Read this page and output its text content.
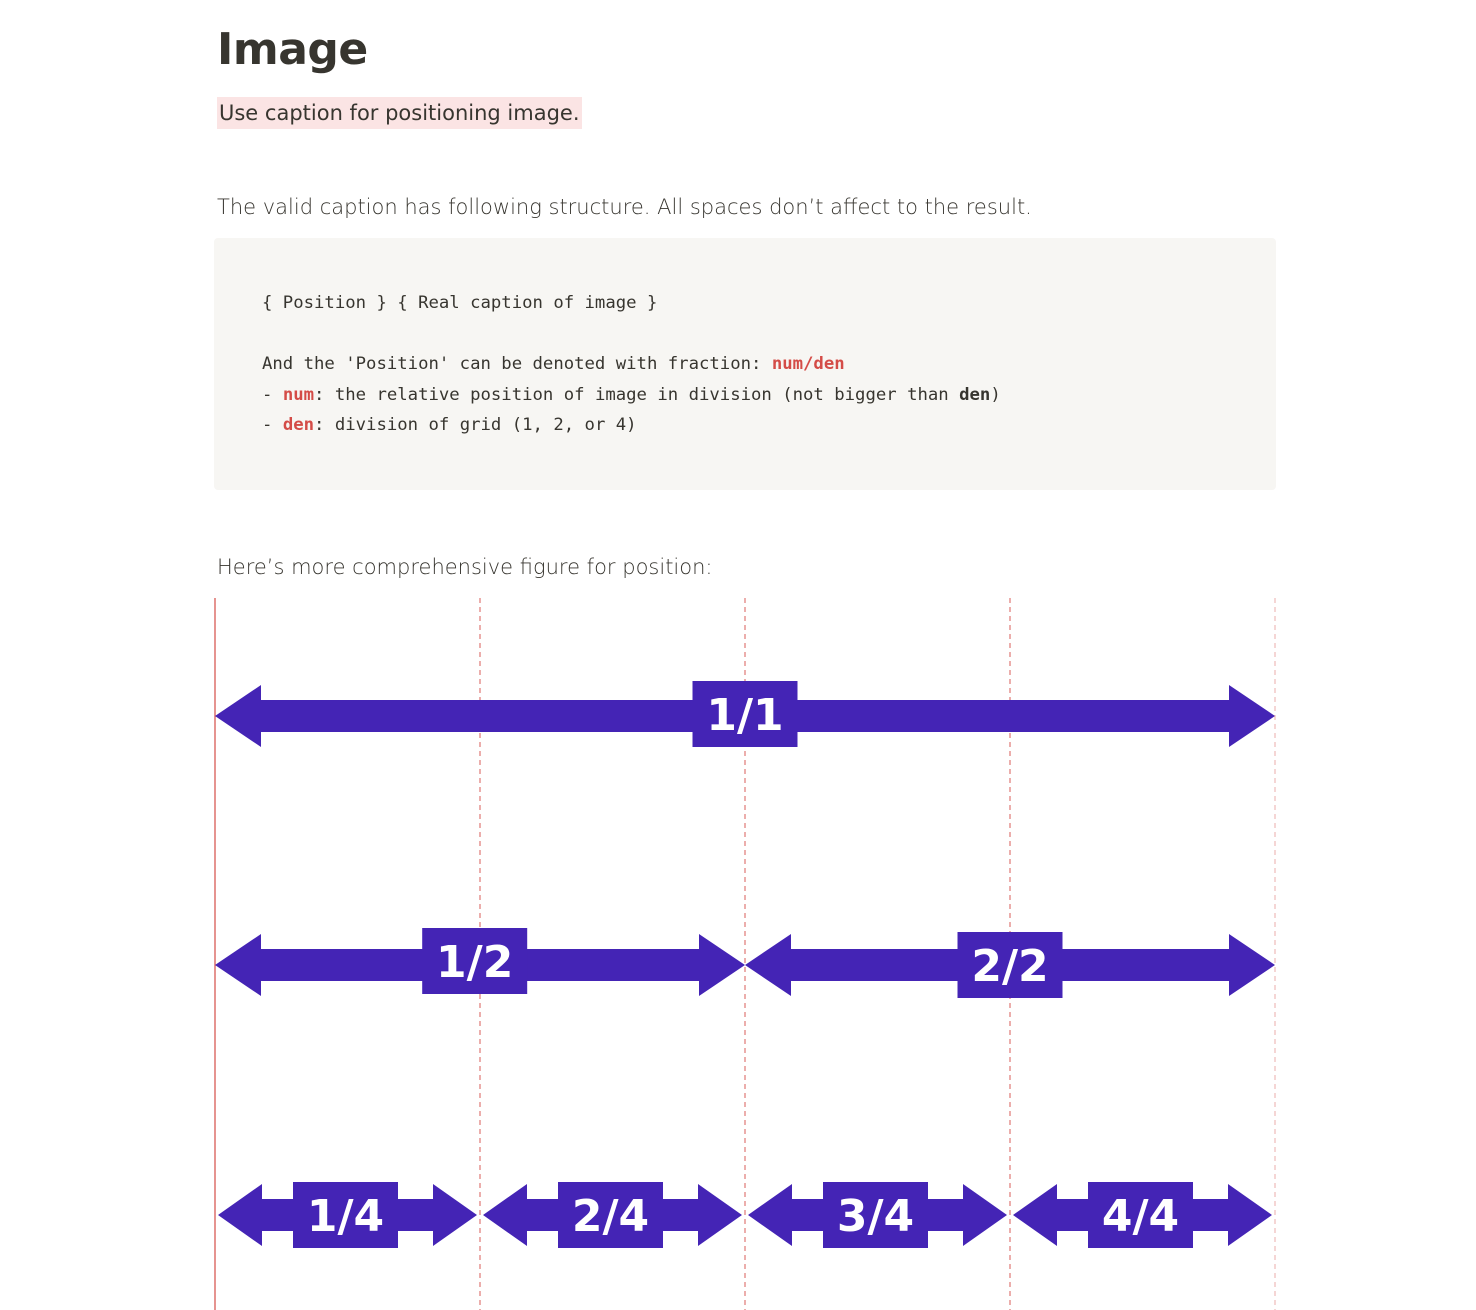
Image
Use caption for positioning image.
The valid caption has following structure. All spaces don’t affect to the result.
{ Position } { Real caption of image }

And the 'Position' can be denoted with fraction: num/den
- num: the relative position of image in division (not bigger than den)
- den: division of grid (1, 2, or 4)
Here’s more comprehensive figure for position:
1/1
1/2	2/2
1/4	2/4	3/4	4/4
